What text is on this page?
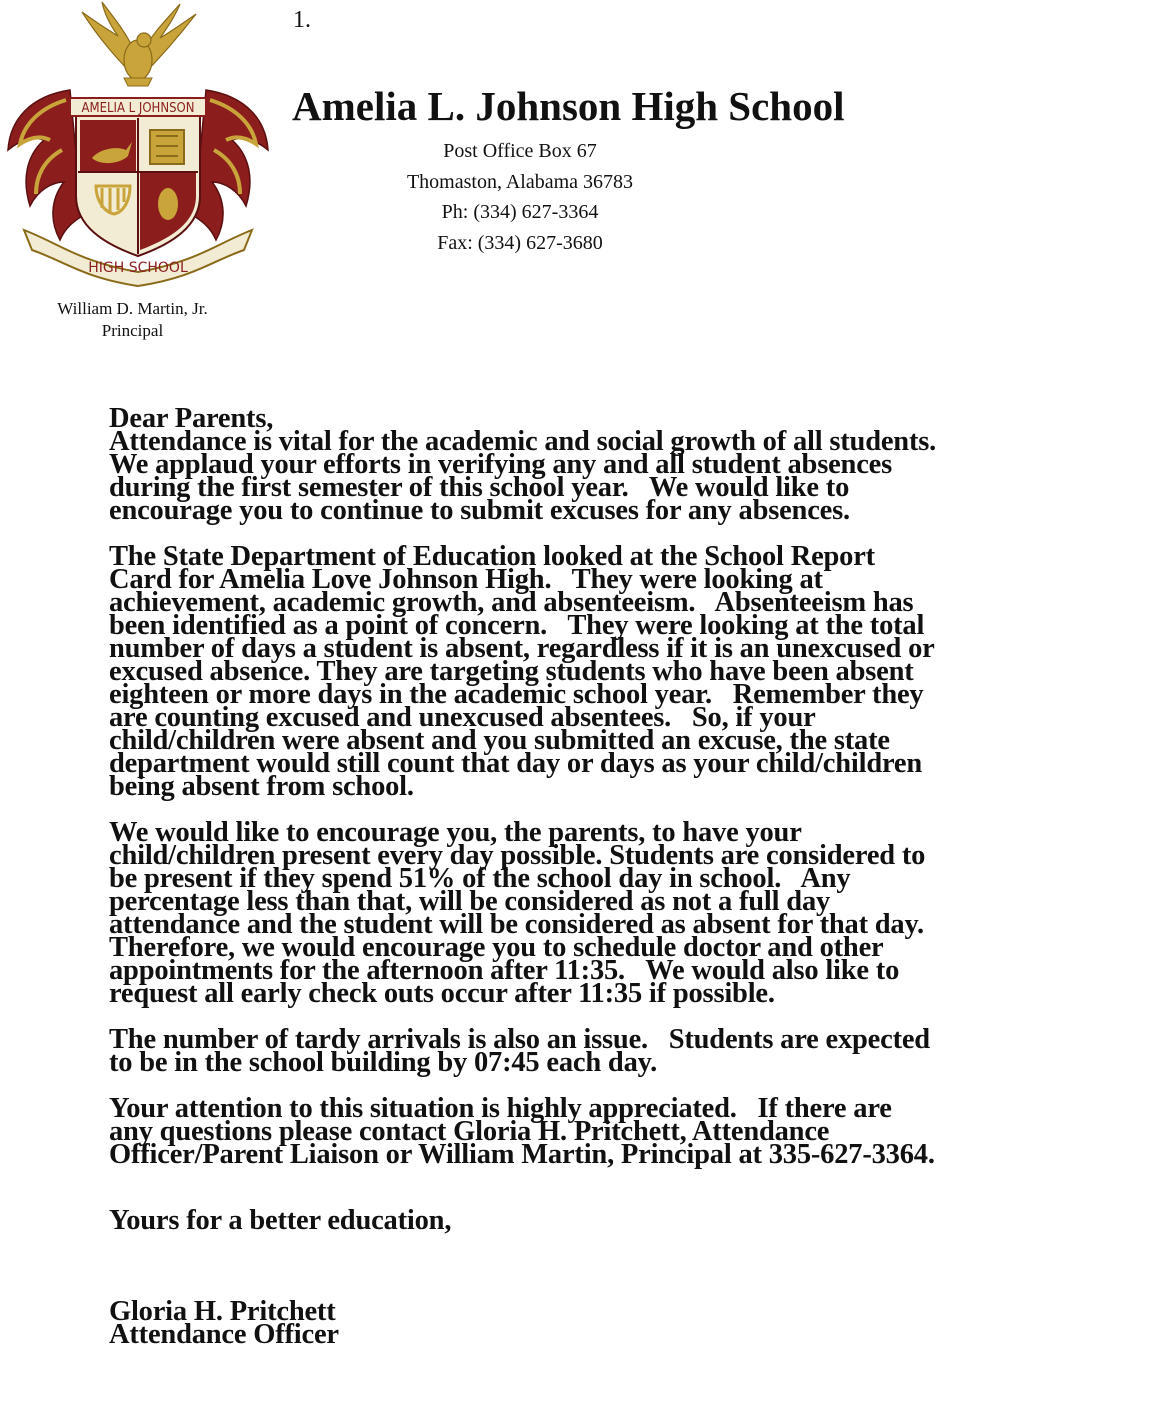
1.
AMELIA L JOHNSON
HIGH SCHOOL
Amelia L. Johnson High School
Post Office Box 67
Thomaston, Alabama 36783
Ph: (334) 627-3364
Fax: (334) 627-3680
William D. Martin, Jr.
Principal
Dear Parents,
Attendance is vital for the academic and social growth of all students.
We applaud your efforts in verifying any and all student absences
during the first semester of this school year.   We would like to
encourage you to continue to submit excuses for any absences.
The State Department of Education looked at the School Report
Card for Amelia Love Johnson High.   They were looking at
achievement, academic growth, and absenteeism.   Absenteeism has
been identified as a point of concern.   They were looking at the total
number of days a student is absent, regardless if it is an unexcused or
excused absence. They are targeting students who have been absent
eighteen or more days in the academic school year.   Remember they
are counting excused and unexcused absentees.   So, if your
child/children were absent and you submitted an excuse, the state
department would still count that day or days as your child/children
being absent from school.
We would like to encourage you, the parents, to have your
child/children present every day possible. Students are considered to
be present if they spend 51% of the school day in school.   Any
percentage less than that, will be considered as not a full day
attendance and the student will be considered as absent for that day.
Therefore, we would encourage you to schedule doctor and other
appointments for the afternoon after 11:35.   We would also like to
request all early check outs occur after 11:35 if possible.
The number of tardy arrivals is also an issue.   Students are expected
to be in the school building by 07:45 each day.
Your attention to this situation is highly appreciated.   If there are
any questions please contact Gloria H. Pritchett, Attendance
Officer/Parent Liaison or William Martin, Principal at 335-627-3364.
Yours for a better education,
Gloria H. Pritchett
Attendance Officer
